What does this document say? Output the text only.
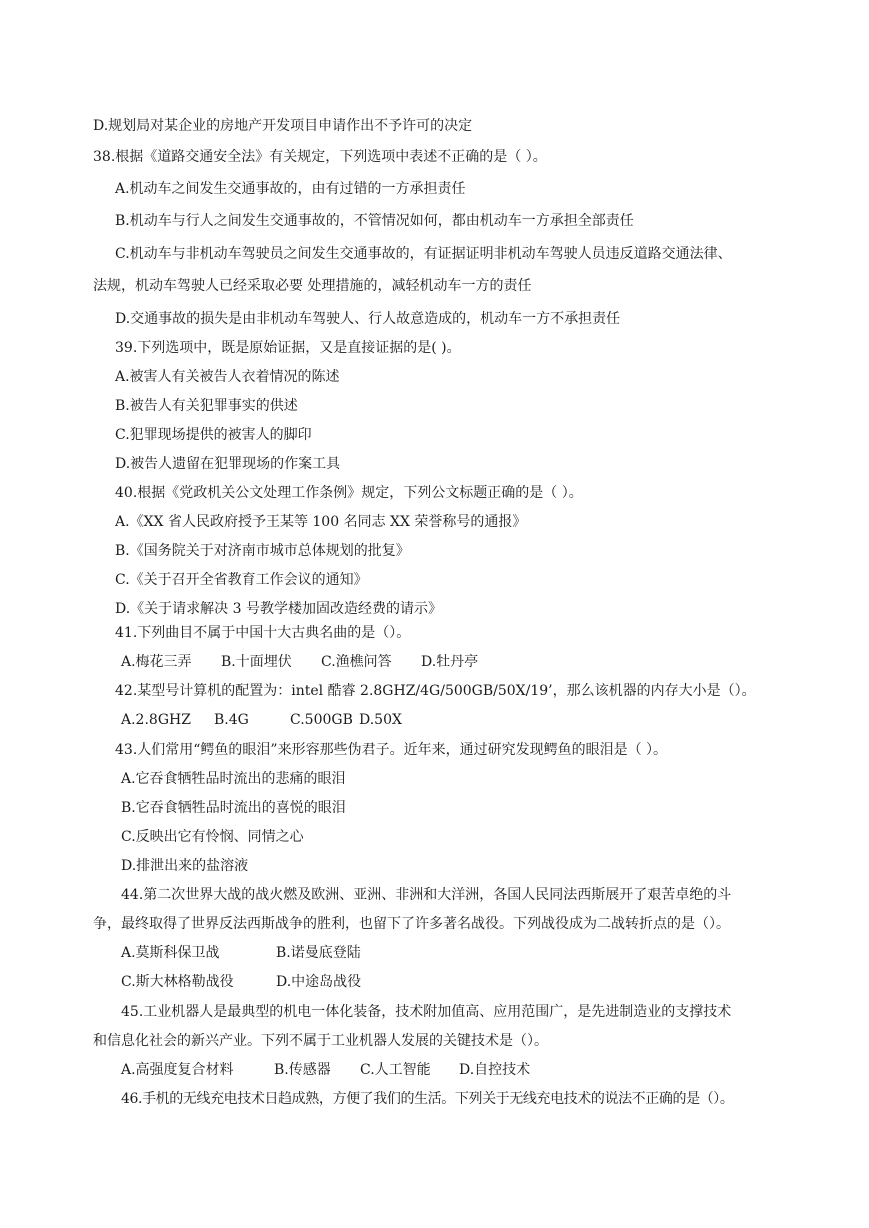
D.规划局对某企业的房地产开发项目申请作出不予许可的决定
38.根据《道路交通安全法》有关规定，下列选项中表述不正确的是（ ）。
A.机动车之间发生交通事故的，由有过错的一方承担责任
B.机动车与行人之间发生交通事故的，不管情况如何，都由机动车一方承担全部责任
C.机动车与非机动车驾驶员之间发生交通事故的，有证据证明非机动车驾驶人员违反道路交通法律、
法规，机动车驾驶人已经采取必要 处理措施的，减轻机动车一方的责任
D.交通事故的损失是由非机动车驾驶人、行人故意造成的，机动车一方不承担责任
39.下列选项中，既是原始证据，又是直接证据的是( )。
A.被害人有关被告人衣着情况的陈述
B.被告人有关犯罪事实的供述
C.犯罪现场提供的被害人的脚印
D.被告人遗留在犯罪现场的作案工具
40.根据《党政机关公文处理工作条例》规定，下列公文标题正确的是（ ）。
A.《XX 省人民政府授予王某等 100 名同志 XX 荣誉称号的通报》
B.《国务院关于对济南市城市总体规划的批复》
C.《关于召开全省教育工作会议的通知》
D.《关于请求解决 3 号教学楼加固改造经费的请示》
41.下列曲目不属于中国十大古典名曲的是（）。
A.梅花三弄 B.十面埋伏 C.渔樵问答 D.牡丹亭
42.某型号计算机的配置为：intel 酷睿 2.8GHZ/4G/500GB/50X/19’，那么该机器的内存大小是（）。
A.2.8GHZ B.4G	C.500GB D.50X
43.人们常用“鳄鱼的眼泪”来形容那些伪君子。近年来，通过研究发现鳄鱼的眼泪是（ ）。
A.它吞食牺牲品时流出的悲痛的眼泪
B.它吞食牺牲品时流出的喜悦的眼泪
C.反映出它有怜悯、同情之心
D.排泄出来的盐溶液
44.第二次世界大战的战火燃及欧洲、亚洲、非洲和大洋洲，各国人民同法西斯展开了艰苦卓绝的斗
争，最终取得了世界反法西斯战争的胜利，也留下了许多著名战役。下列战役成为二战转折点的是（）。
A.莫斯科保卫战	B.诺曼底登陆
C.斯大林格勒战役	D.中途岛战役
45.工业机器人是最典型的机电一体化装备，技术附加值高、应用范围广，是先进制造业的支撑技术
和信息化社会的新兴产业。下列不属于工业机器人发展的关键技术是（）。
A.高强度复合材料	B.传感器 C.人工智能 D.自控技术
46.手机的无线充电技术日趋成熟，方便了我们的生活。下列关于无线充电技术的说法不正确的是（）。
